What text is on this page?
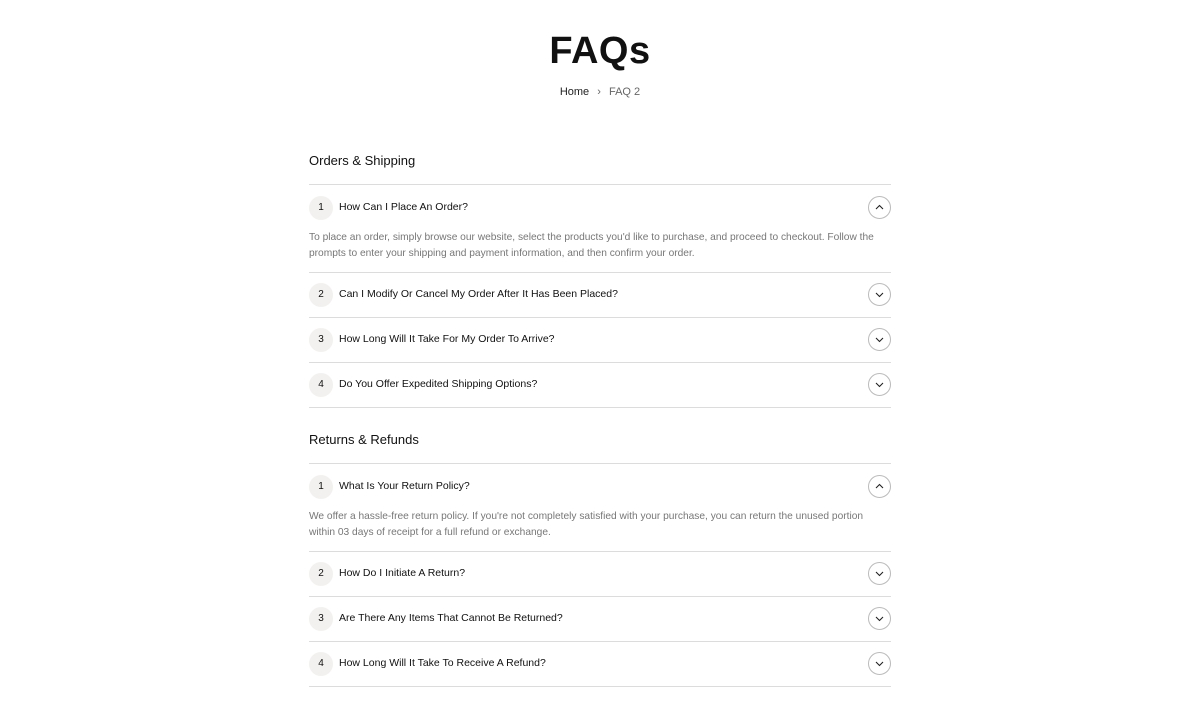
FAQs
Home › FAQ 2
Orders & Shipping
1	How Can I Place An Order?

To place an order, simply browse our website, select the products you'd like to purchase, and proceed to checkout. Follow the prompts to enter your shipping and payment information, and then confirm your order.

2	Can I Modify Or Cancel My Order After It Has Been Placed?
3	How Long Will It Take For My Order To Arrive?
4	Do You Offer Expedited Shipping Options?
Returns & Refunds
1	What Is Your Return Policy?

We offer a hassle-free return policy. If you're not completely satisfied with your purchase, you can return the unused portion within 03 days of receipt for a full refund or exchange.

2	How Do I Initiate A Return?
3	Are There Any Items That Cannot Be Returned?
4	How Long Will It Take To Receive A Refund?
